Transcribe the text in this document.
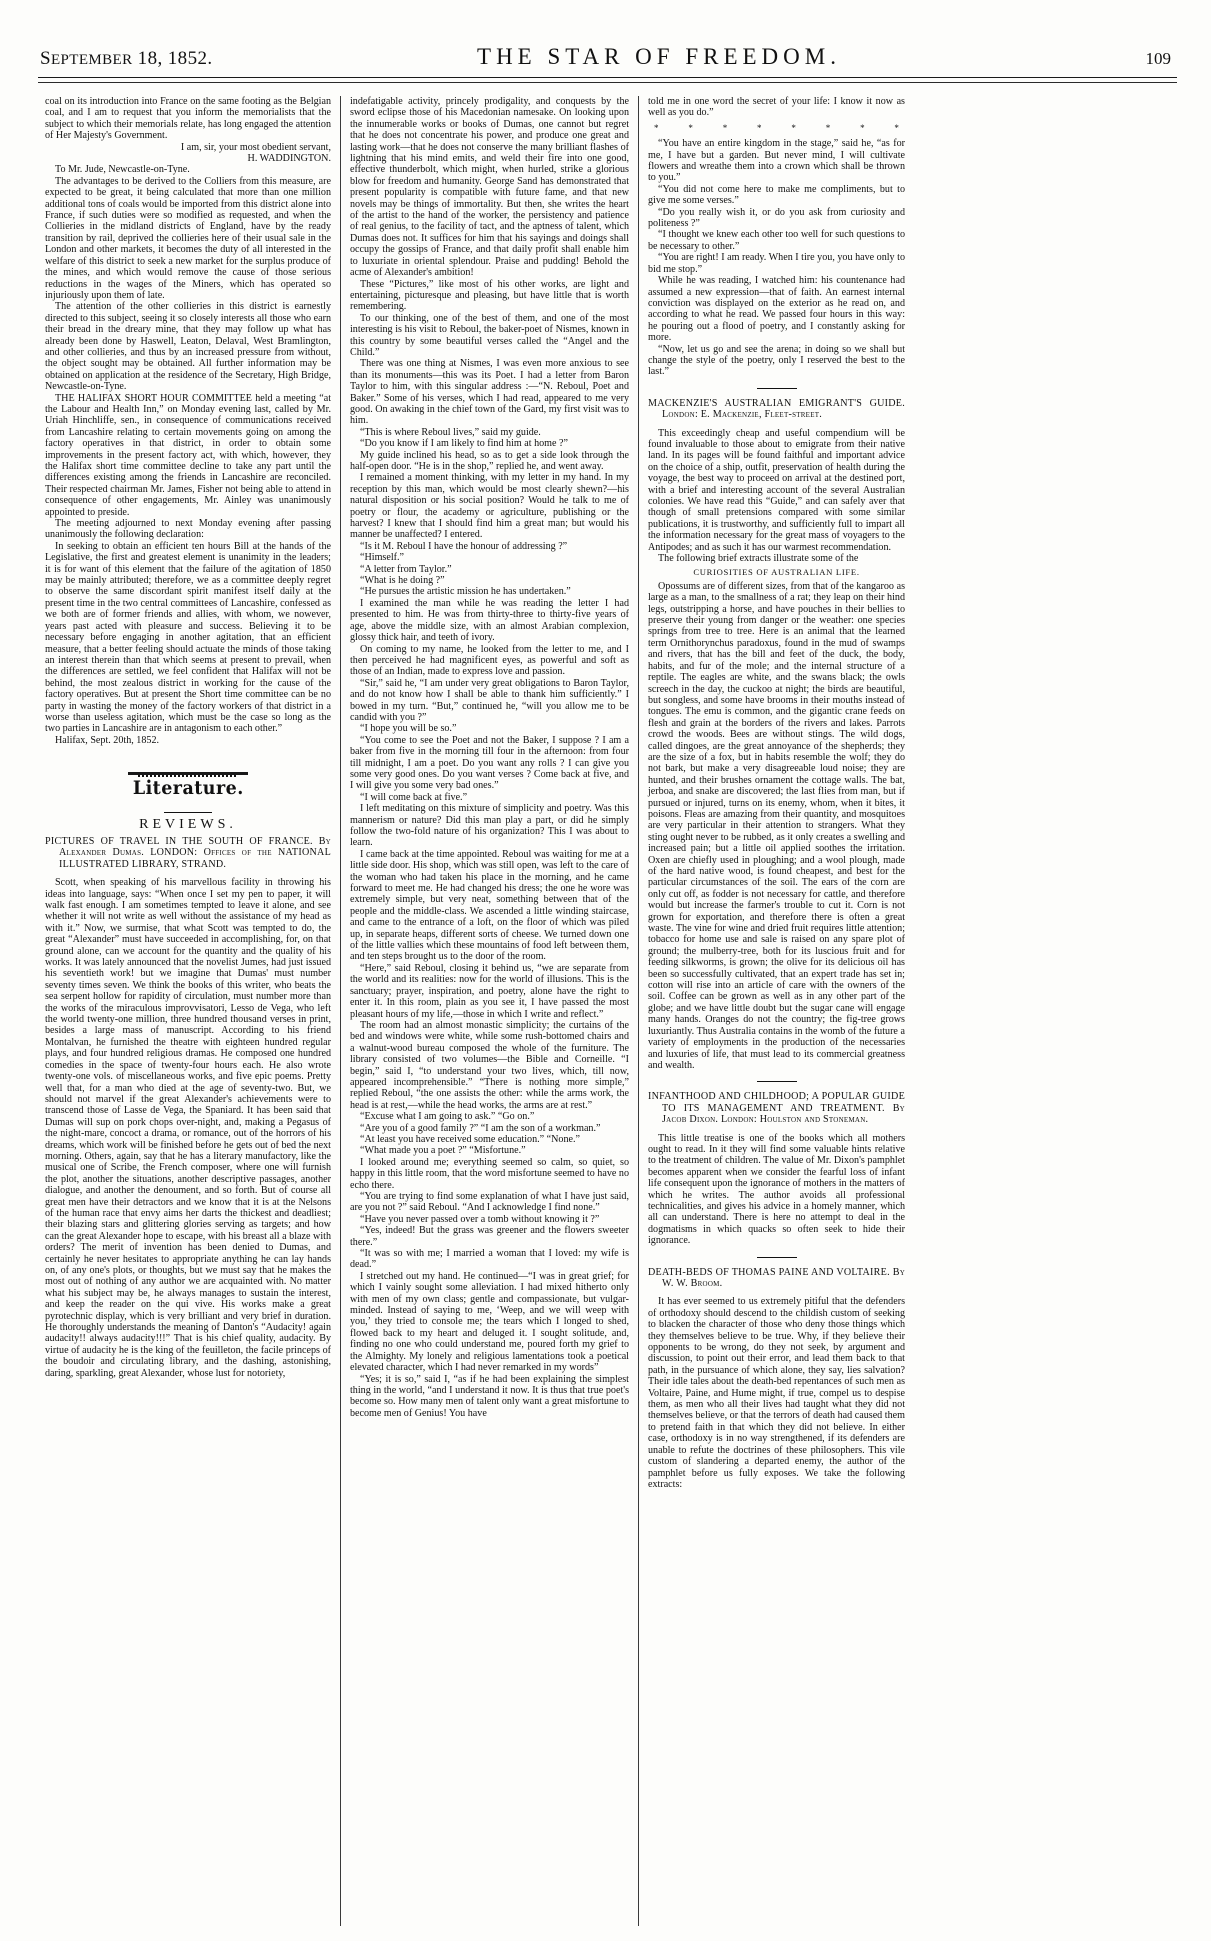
SEPTEMBER 18, 1852.	THE STAR OF FREEDOM.	109

coal on its introduction into France on the same footing as the Belgian coal, and I am to request that you inform the memorialists that the subject to which their memorials relate, has long engaged the attention of Her Majesty's Government.

I am, sir, your most obedient servant,

H. WADDINGTON.

To Mr. Jude, Newcastle-on-Tyne.

The advantages to be derived to the Colliers from this measure, are expected to be great, it being calculated that more than one million additional tons of coals would be imported from this district alone into France, if such duties were so modified as requested, and when the Collieries in the midland districts of England, have by the ready transition by rail, deprived the collieries here of their usual sale in the London and other markets, it becomes the duty of all interested in the welfare of this district to seek a new market for the surplus produce of the mines, and which would remove the cause of those serious reductions in the wages of the Miners, which has operated so injuriously upon them of late.

The attention of the other collieries in this district is earnestly directed to this subject, seeing it so closely interests all those who earn their bread in the dreary mine, that they may follow up what has already been done by Haswell, Leaton, Delaval, West Bramlington, and other collieries, and thus by an increased pressure from without, the object sought may be obtained. All further information may be obtained on application at the residence of the Secretary, High Bridge, Newcastle-on-Tyne.

THE HALIFAX SHORT HOUR COMMITTEE held a meeting “at the Labour and Health Inn,” on Monday evening last, called by Mr. Uriah Hinchliffe, sen., in consequence of communications received from Lancashire relating to certain movements going on among the factory operatives in that district, in order to obtain some improvements in the present factory act, with which, however, they the Halifax short time committee decline to take any part until the differences existing among the friends in Lancashire are reconciled. Their respected chairman Mr. James, Fisher not being able to attend in consequence of other engagements, Mr. Ainley was unanimously appointed to preside.

The meeting adjourned to next Monday evening after passing unanimously the following declaration:

In seeking to obtain an efficient ten hours Bill at the hands of the Legislative, the first and greatest element is unanimity in the leaders; it is for want of this element that the failure of the agitation of 1850 may be mainly attributed; therefore, we as a committee deeply regret to observe the same discordant spirit manifest itself daily at the present time in the two central committees of Lancashire, confessed as we both are of former friends and allies, with whom, we nowever, years past acted with pleasure and success. Believing it to be necessary before engaging in another agitation, that an efficient measure, that a better feeling should actuate the minds of those taking an interest therein than that which seems at present to prevail, when the differences are settled, we feel confident that Halifax will not be behind, the most zealous district in working for the cause of the factory operatives. But at present the Short time committee can be no party in wasting the money of the factory workers of that district in a worse than useless agitation, which must be the case so long as the two parties in Lancashire are in antagonism to each other.”

Halifax, Sept. 20th, 1852.

Literature.

REVIEWS.

PICTURES OF TRAVEL IN THE SOUTH OF FRANCE. By Alexander Dumas. LONDON: Offices of the NATIONAL ILLUSTRATED LIBRARY, STRAND.

Scott, when speaking of his marvellous facility in throwing his ideas into language, says: “When once I set my pen to paper, it will walk fast enough. I am sometimes tempted to leave it alone, and see whether it will not write as well without the assistance of my head as with it.” Now, we surmise, that what Scott was tempted to do, the great “Alexander” must have succeeded in accomplishing, for, on that ground alone, can we account for the quantity and the quality of his works. It was lately announced that the novelist Jumes, had just issued his seventieth work! but we imagine that Dumas' must number seventy times seven. We think the books of this writer, who beats the sea serpent hollow for rapidity of circulation, must number more than the works of the miraculous improvvisatori, Lesso de Vega, who left the world twenty-one million, three hundred thousand verses in print, besides a large mass of manuscript. According to his friend Montalvan, he furnished the theatre with eighteen hundred regular plays, and four hundred religious dramas. He composed one hundred comedies in the space of twenty-four hours each. He also wrote twenty-one vols. of miscellaneous works, and five epic poems. Pretty well that, for a man who died at the age of seventy-two. But, we should not marvel if the great Alexander's achievements were to transcend those of Lasse de Vega, the Spaniard. It has been said that Dumas will sup on pork chops over-night, and, making a Pegasus of the night-mare, concoct a drama, or romance, out of the horrors of his dreams, which work will be finished before he gets out of bed the next morning. Others, again, say that he has a literary manufactory, like the musical one of Scribe, the French composer, where one will furnish the plot, another the situations, another descriptive passages, another dialogue, and another the denoument, and so forth. But of course all great men have their detractors and we know that it is at the Nelsons of the human race that envy aims her darts the thickest and deadliest; their blazing stars and glittering glories serving as targets; and how can the great Alexander hope to escape, with his breast all a blaze with orders? The merit of invention has been denied to Dumas, and certainly he never hesitates to appropriate anything he can lay hands on, of any one's plots, or thoughts, but we must say that he makes the most out of nothing of any author we are acquainted with. No matter what his subject may be, he always manages to sustain the interest, and keep the reader on the qui vive. His works make a great pyrotechnic display, which is very brilliant and very brief in duration. He thoroughly understands the meaning of Danton's “Audacity! again audacity!! always audacity!!!” That is his chief quality, audacity. By virtue of audacity he is the king of the feuilleton, the facile princeps of the boudoir and circulating library, and the dashing, astonishing, daring, sparkling, great Alexander, whose lust for notoriety,

indefatigable activity, princely prodigality, and conquests by the sword eclipse those of his Macedonian namesake. On looking upon the innumerable works or books of Dumas, one cannot but regret that he does not concentrate his power, and produce one great and lasting work—that he does not conserve the many brilliant flashes of lightning that his mind emits, and weld their fire into one good, effective thunderbolt, which might, when hurled, strike a glorious blow for freedom and humanity. George Sand has demonstrated that present popularity is compatible with future fame, and that new novels may be things of immortality. But then, she writes the heart of the artist to the hand of the worker, the persistency and patience of real genius, to the facility of tact, and the aptness of talent, which Dumas does not. It suffices for him that his sayings and doings shall occupy the gossips of France, and that daily profit shall enable him to luxuriate in oriental splendour. Praise and pudding! Behold the acme of Alexander's ambition!

These “Pictures,” like most of his other works, are light and entertaining, picturesque and pleasing, but have little that is worth remembering.

To our thinking, one of the best of them, and one of the most interesting is his visit to Reboul, the baker-poet of Nismes, known in this country by some beautiful verses called the “Angel and the Child.”

There was one thing at Nismes, I was even more anxious to see than its monuments—this was its Poet. I had a letter from Baron Taylor to him, with this singular address :—“N. Reboul, Poet and Baker.” Some of his verses, which I had read, appeared to me very good. On awaking in the chief town of the Gard, my first visit was to him.

“This is where Reboul lives,” said my guide.

“Do you know if I am likely to find him at home ?”

My guide inclined his head, so as to get a side look through the half-open door. “He is in the shop,” replied he, and went away.

I remained a moment thinking, with my letter in my hand. In my reception by this man, which would be most clearly shewn?—his natural disposition or his social position? Would he talk to me of poetry or flour, the academy or agriculture, publishing or the harvest? I knew that I should find him a great man; but would his manner be unaffected? I entered.

“Is it M. Reboul I have the honour of addressing ?”

“Himself.”

“A letter from Taylor.”

“What is he doing ?”

“He pursues the artistic mission he has undertaken.”

I examined the man while he was reading the letter I had presented to him. He was from thirty-three to thirty-five years of age, above the middle size, with an almost Arabian complexion, glossy thick hair, and teeth of ivory.

On coming to my name, he looked from the letter to me, and I then perceived he had magnificent eyes, as powerful and soft as those of an Indian, made to express love and passion.

“Sir,” said he, “I am under very great obligations to Baron Taylor, and do not know how I shall be able to thank him sufficiently.” I bowed in my turn. “But,” continued he, “will you allow me to be candid with you ?”

“I hope you will be so.”

“You come to see the Poet and not the Baker, I suppose ? I am a baker from five in the morning till four in the afternoon: from four till midnight, I am a poet. Do you want any rolls ? I can give you some very good ones. Do you want verses ? Come back at five, and I will give you some very bad ones.”

“I will come back at five.”

I left meditating on this mixture of simplicity and poetry. Was this mannerism or nature? Did this man play a part, or did he simply follow the two-fold nature of his organization? This I was about to learn.

I came back at the time appointed. Reboul was waiting for me at a little side door. His shop, which was still open, was left to the care of the woman who had taken his place in the morning, and he came forward to meet me. He had changed his dress; the one he wore was extremely simple, but very neat, something between that of the people and the middle-class. We ascended a little winding staircase, and came to the entrance of a loft, on the floor of which was piled up, in separate heaps, different sorts of cheese. We turned down one of the little vallies which these mountains of food left between them, and ten steps brought us to the door of the room.

“Here,” said Reboul, closing it behind us, “we are separate from the world and its realities: now for the world of illusions. This is the sanctuary; prayer, inspiration, and poetry, alone have the right to enter it. In this room, plain as you see it, I have passed the most pleasant hours of my life,—those in which I write and reflect.”

The room had an almost monastic simplicity; the curtains of the bed and windows were white, while some rush-bottomed chairs and a walnut-wood bureau composed the whole of the furniture. The library consisted of two volumes—the Bible and Corneille. “I begin,” said I, “to understand your two lives, which, till now, appeared incomprehensible.” “There is nothing more simple,” replied Reboul, “the one assists the other: while the arms work, the head is at rest,—while the head works, the arms are at rest.”

“Excuse what I am going to ask.” “Go on.”

“Are you of a good family ?” “I am the son of a workman.”

“At least you have received some education.” “None.”

“What made you a poet ?” “Misfortune.”

I looked around me; everything seemed so calm, so quiet, so happy in this little room, that the word misfortune seemed to have no echo there.

“You are trying to find some explanation of what I have just said, are you not ?” said Reboul. “And I acknowledge I find none.”

“Have you never passed over a tomb without knowing it ?”

“Yes, indeed! But the grass was greener and the flowers sweeter there.”

“It was so with me; I married a woman that I loved: my wife is dead.”

I stretched out my hand. He continued—“I was in great grief; for which I vainly sought some alleviation. I had mixed hitherto only with men of my own class; gentle and compassionate, but vulgar-minded. Instead of saying to me, ‘Weep, and we will weep with you,’ they tried to console me; the tears which I longed to shed, flowed back to my heart and deluged it. I sought solitude, and, finding no one who could understand me, poured forth my grief to the Almighty. My lonely and religious lamentations took a poetical elevated character, which I had never remarked in my words”

“Yes; it is so,” said I, “as if he had been explaining the simplest thing in the world, “and I understand it now. It is thus that true poet's become so. How many men of talent only want a great misfortune to become men of Genius! You have

told me in one word the secret of your life: I know it now as well as you do.”

*	*	*	*	*	*	*	*

“You have an entire kingdom in the stage,” said he, “as for me, I have but a garden. But never mind, I will cultivate flowers and wreathe them into a crown which shall be thrown to you.”

“You did not come here to make me compliments, but to give me some verses.”

“Do you really wish it, or do you ask from curiosity and politeness ?”

“I thought we knew each other too well for such questions to be necessary to other.”

“You are right! I am ready. When I tire you, you have only to bid me stop.”

While he was reading, I watched him: his countenance had assumed a new expression—that of faith. An earnest internal conviction was displayed on the exterior as he read on, and according to what he read. We passed four hours in this way: he pouring out a flood of poetry, and I constantly asking for more.

“Now, let us go and see the arena; in doing so we shall but change the style of the poetry, only I reserved the best to the last.”

MACKENZIE'S AUSTRALIAN EMIGRANT'S GUIDE. London: E. Mackenzie, Fleet-street.

This exceedingly cheap and useful compendium will be found invaluable to those about to emigrate from their native land. In its pages will be found faithful and important advice on the choice of a ship, outfit, preservation of health during the voyage, the best way to proceed on arrival at the destined port, with a brief and interesting account of the several Australian colonies. We have read this “Guide,” and can safely aver that though of small pretensions compared with some similar publications, it is trustworthy, and sufficiently full to impart all the information necessary for the great mass of voyagers to the Antipodes; and as such it has our warmest recommendation.

The following brief extracts illustrate some of the

CURIOSITIES OF AUSTRALIAN LIFE.

Opossums are of different sizes, from that of the kangaroo as large as a man, to the smallness of a rat; they leap on their hind legs, outstripping a horse, and have pouches in their bellies to preserve their young from danger or the weather: one species springs from tree to tree. Here is an animal that the learned term Ornithorynchus paradoxus, found in the mud of swamps and rivers, that has the bill and feet of the duck, the body, habits, and fur of the mole; and the internal structure of a reptile. The eagles are white, and the swans black; the owls screech in the day, the cuckoo at night; the birds are beautiful, but songless, and some have brooms in their mouths instead of tongues. The emu is common, and the gigantic crane feeds on flesh and grain at the borders of the rivers and lakes. Parrots crowd the woods. Bees are without stings. The wild dogs, called dingoes, are the great annoyance of the shepherds; they are the size of a fox, but in habits resemble the wolf; they do not bark, but make a very disagreeable loud noise; they are hunted, and their brushes ornament the cottage walls. The bat, jerboa, and snake are discovered; the last flies from man, but if pursued or injured, turns on its enemy, whom, when it bites, it poisons. Fleas are amazing from their quantity, and mosquitoes are very particular in their attention to strangers. What they sting ought never to be rubbed, as it only creates a swelling and increased pain; but a little oil applied soothes the irritation. Oxen are chiefly used in ploughing; and a wool plough, made of the hard native wood, is found cheapest, and best for the particular circumstances of the soil. The ears of the corn are only cut off, as fodder is not necessary for cattle, and therefore would but increase the farmer's trouble to cut it. Corn is not grown for exportation, and therefore there is often a great waste. The vine for wine and dried fruit requires little attention; tobacco for home use and sale is raised on any spare plot of ground; the mulberry-tree, both for its luscious fruit and for feeding silkworms, is grown; the olive for its delicious oil has been so successfully cultivated, that an expert trade has set in; cotton will rise into an article of care with the owners of the soil. Coffee can be grown as well as in any other part of the globe; and we have little doubt but the sugar cane will engage many hands. Oranges do not the country; the fig-tree grows luxuriantly. Thus Australia contains in the womb of the future a variety of employments in the production of the necessaries and luxuries of life, that must lead to its commercial greatness and wealth.

INFANTHOOD AND CHILDHOOD; A POPULAR GUIDE TO ITS MANAGEMENT AND TREATMENT. By Jacob Dixon. London: Houlston and Stoneman.

This little treatise is one of the books which all mothers ought to read. In it they will find some valuable hints relative to the treatment of children. The value of Mr. Dixon's pamphlet becomes apparent when we consider the fearful loss of infant life consequent upon the ignorance of mothers in the matters of which he writes. The author avoids all professional technicalities, and gives his advice in a homely manner, which all can understand. There is here no attempt to deal in the dogmatisms in which quacks so often seek to hide their ignorance.

DEATH-BEDS OF THOMAS PAINE AND VOLTAIRE. By W. W. Broom.

It has ever seemed to us extremely pitiful that the defenders of orthodoxy should descend to the childish custom of seeking to blacken the character of those who deny those things which they themselves believe to be true. Why, if they believe their opponents to be wrong, do they not seek, by argument and discussion, to point out their error, and lead them back to that path, in the pursuance of which alone, they say, lies salvation? Their idle tales about the death-bed repentances of such men as Voltaire, Paine, and Hume might, if true, compel us to despise them, as men who all their lives had taught what they did not themselves believe, or that the terrors of death had caused them to pretend faith in that which they did not believe. In either case, orthodoxy is in no way strengthened, if its defenders are unable to refute the doctrines of these philosophers. This vile custom of slandering a departed enemy, the author of the pamphlet before us fully exposes. We take the following extracts:
